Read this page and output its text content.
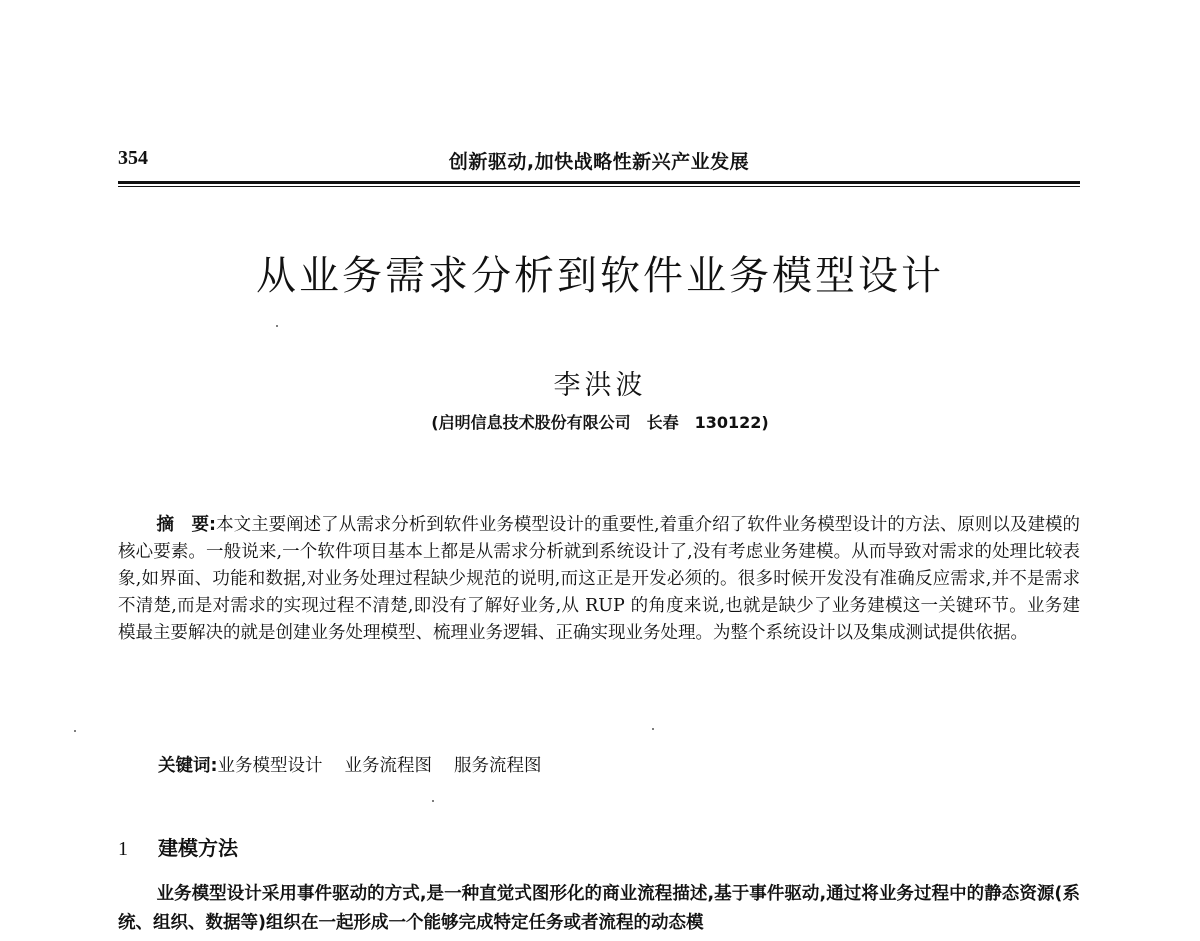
354	创新驱动,加快战略性新兴产业发展
从业务需求分析到软件业务模型设计
李洪波
(启明信息技术股份有限公司　长春　130122)
摘　要:本文主要阐述了从需求分析到软件业务模型设计的重要性,着重介绍了软件业务模型设计的方法、原则以及建模的核心要素。一般说来,一个软件项目基本上都是从需求分析就到系统设计了,没有考虑业务建模。从而导致对需求的处理比较表象,如界面、功能和数据,对业务处理过程缺少规范的说明,而这正是开发必须的。很多时候开发没有准确反应需求,并不是需求不清楚,而是对需求的实现过程不清楚,即没有了解好业务,从 RUP 的角度来说,也就是缺少了业务建模这一关键环节。业务建模最主要解决的就是创建业务处理模型、梳理业务逻辑、正确实现业务处理。为整个系统设计以及集成测试提供依据。
关键词:业务模型设计 业务流程图 服务流程图
1 建模方法
业务模型设计采用事件驱动的方式,是一种直觉式图形化的商业流程描述,基于事件驱动,通过将业务过程中的静态资源(系统、组织、数据等)组织在一起形成一个能够完成特定任务或者流程的动态模
